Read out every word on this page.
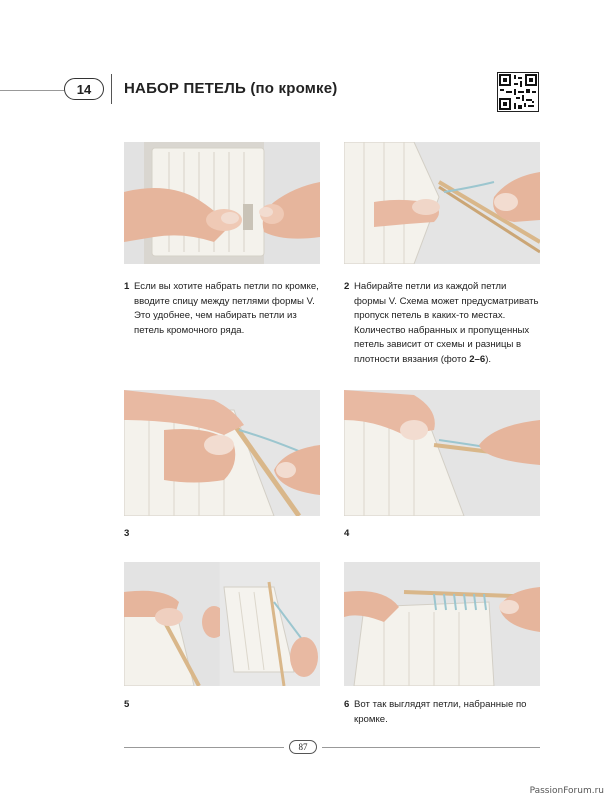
14	НАБОР ПЕТЕЛЬ (по кромке)
1 Если вы хотите набрать петли по кромке, вводите спицу между петлями формы V. Это удобнее, чем набирать петли из петель кромочного ряда.
2 Набирайте петли из каждой петли формы V. Схема может предусматривать пропуск петель в каких-то местах. Количество набранных и пропущенных петель зависит от схемы и разницы в плотности вязания (фото 2–6).
3	4
5	6 Вот так выглядят петли, набранные по кромке.
87
PassionForum.ru
